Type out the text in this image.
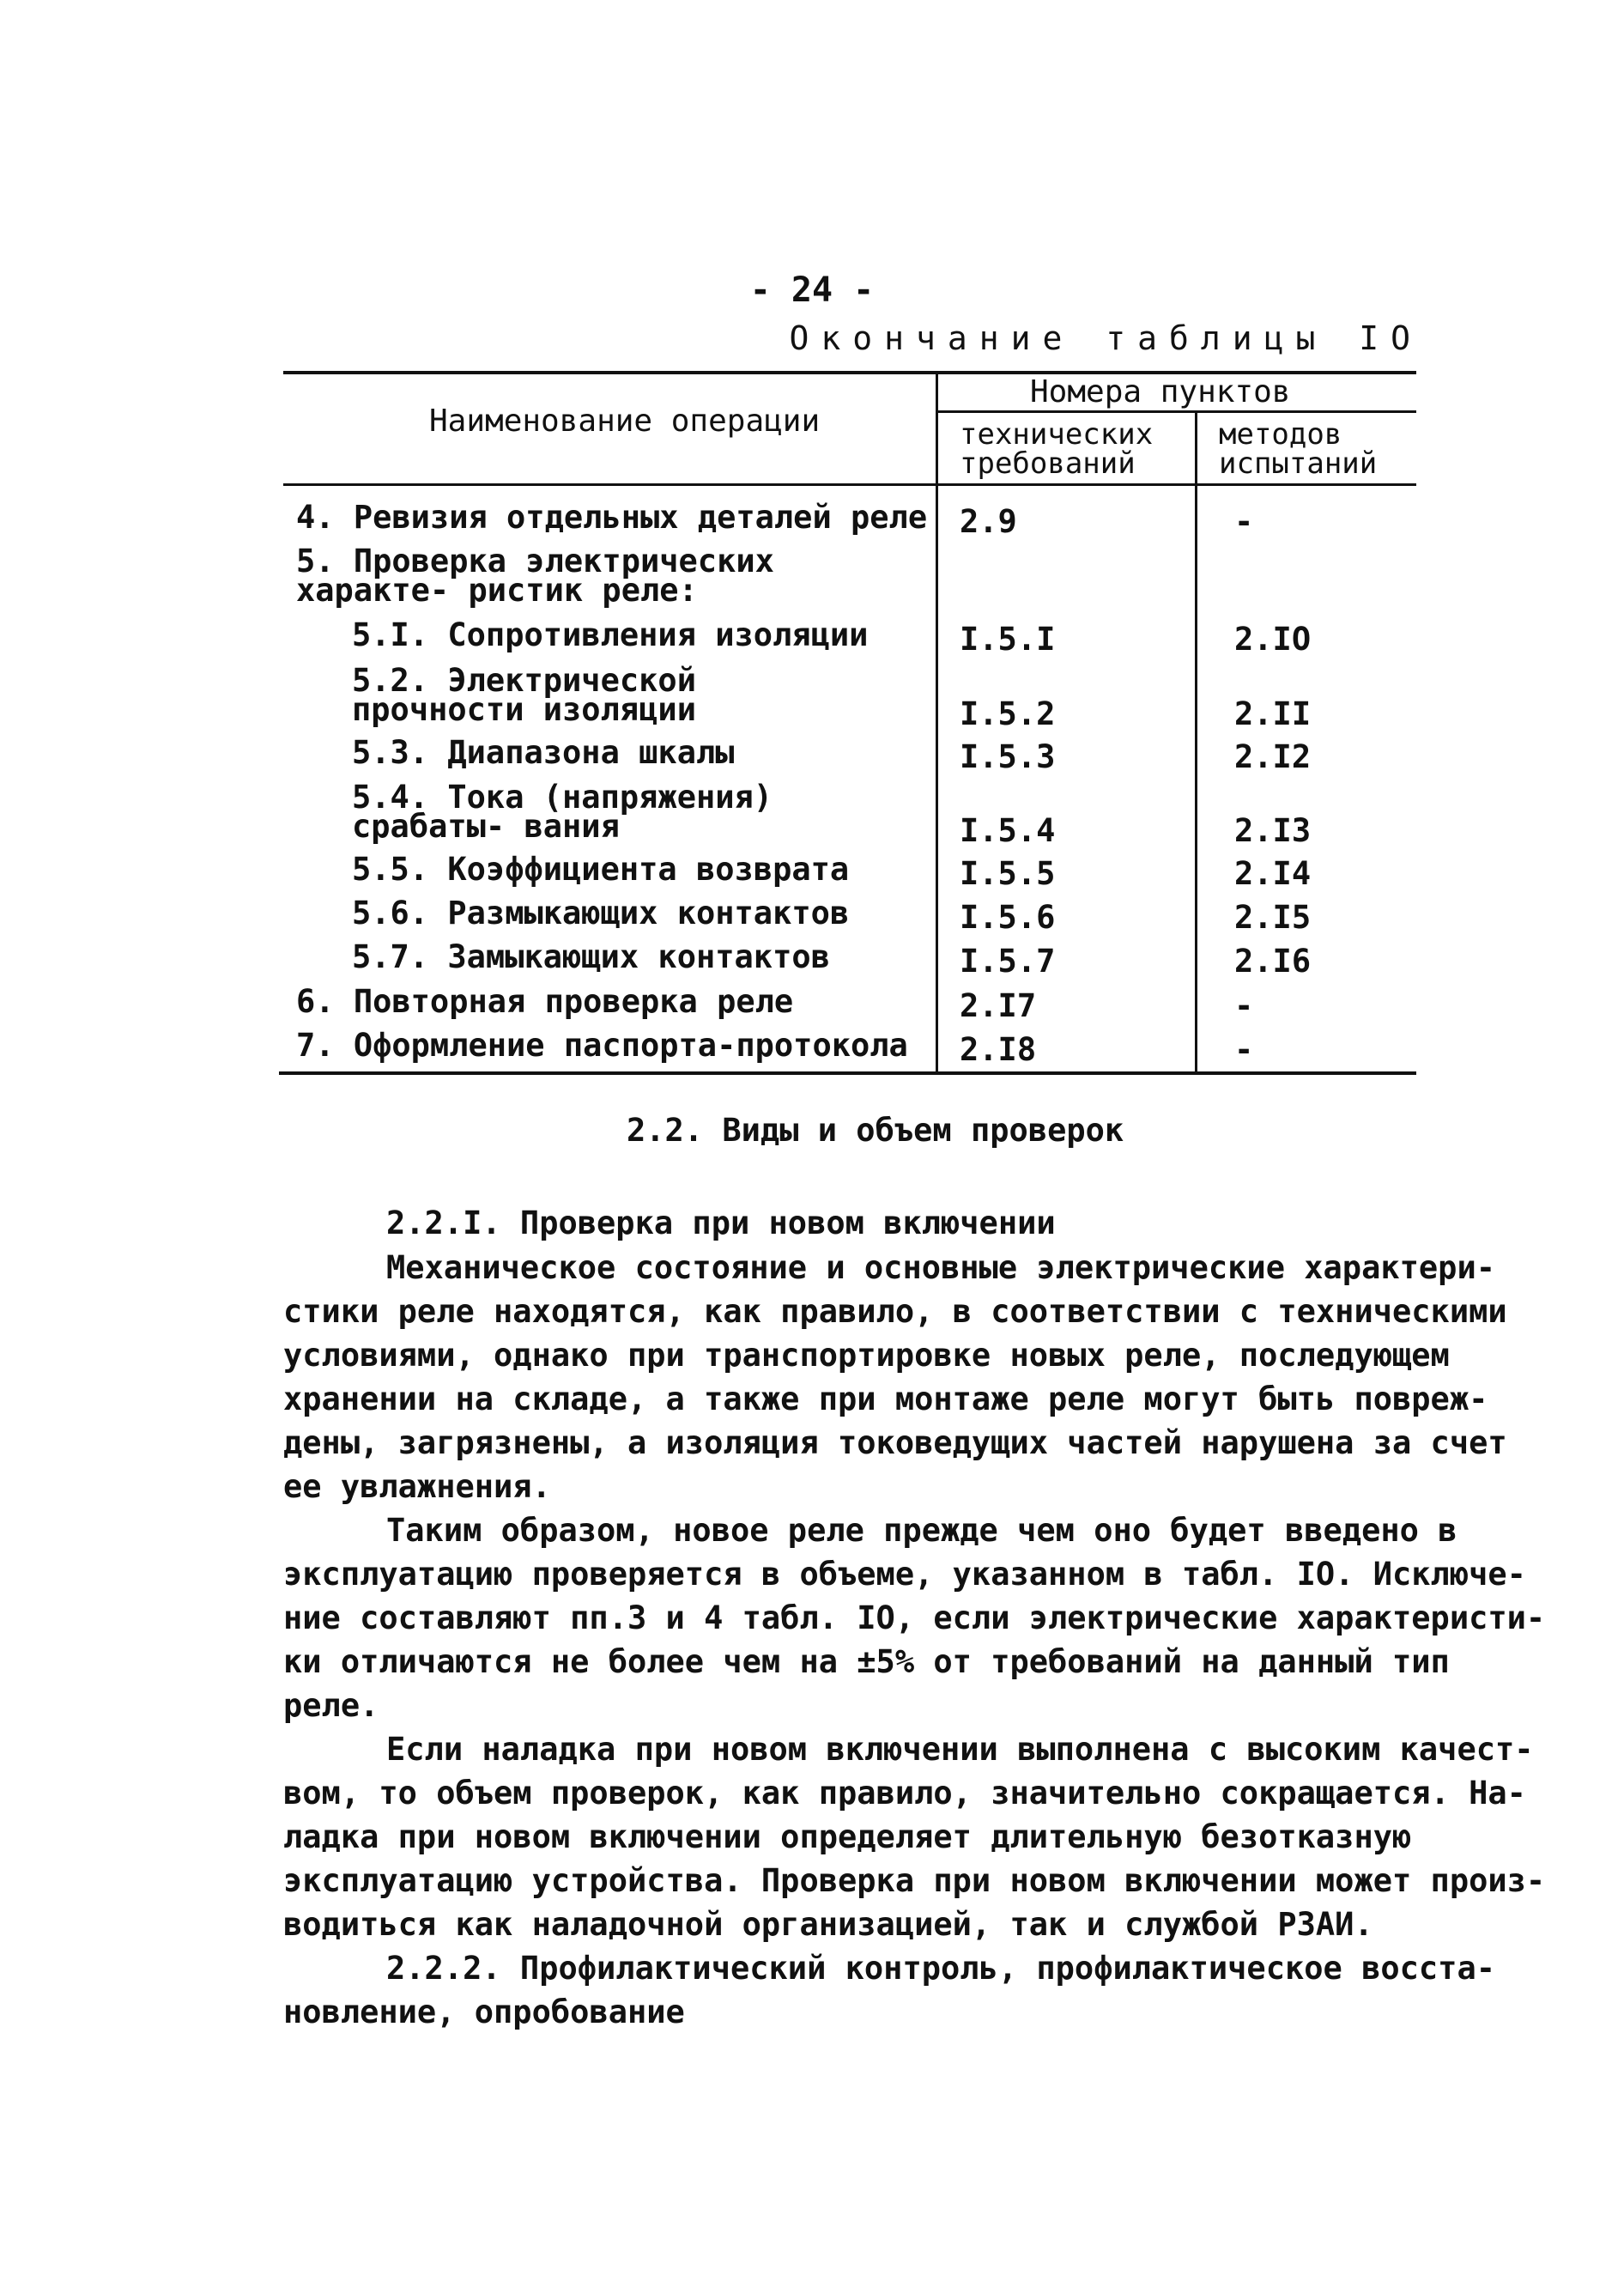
- 24 -
Окончание таблицы IO
Наименование операции
Номера пунктов
технических требований
методов испытаний
4. Ревизия отдельных деталей реле 2.9	-
5. Проверка электрических характе- ристик реле:
5.I. Сопротивления изоляции	I.5.I	2.IO
5.2. Электрической прочности изоляции	I.5.2	2.II
5.3. Диапазона шкалы	I.5.3	2.I2
5.4. Тока (напряжения) срабаты- вания	I.5.4	2.I3
5.5. Коэффициента возврата	I.5.5	2.I4
5.6. Размыкающих контактов	I.5.6	2.I5
5.7. Замыкающих контактов	I.5.7	2.I6
6. Повторная проверка реле	2.I7	-
7. Оформление паспорта-протокола 2.I8	-
2.2. Виды и объем проверок
2.2.I. Проверка при новом включении
Механическое состояние и основные электрические характери-
стики реле находятся, как правило, в соответствии с техническими
условиями, однако при транспортировке новых реле, последующем
хранении на складе, а также при монтаже реле могут быть повреж-
дены, загрязнены, а изоляция токоведущих частей нарушена за счет
ее увлажнения.
Таким образом, новое реле прежде чем оно будет введено в
эксплуатацию проверяется в объеме, указанном в табл. IO. Исключе-
ние составляют пп.3 и 4 табл. IO, если электрические характеристи-
ки отличаются не более чем на ±5% от требований на данный тип
реле.
Если наладка при новом включении выполнена с высоким качест-
вом, то объем проверок, как правило, значительно сокращается. На-
ладка при новом включении определяет длительную безотказную
эксплуатацию устройства. Проверка при новом включении может произ-
водиться как наладочной организацией, так и службой РЗАИ.
2.2.2. Профилактический контроль, профилактическое восста-
новление, опробование
